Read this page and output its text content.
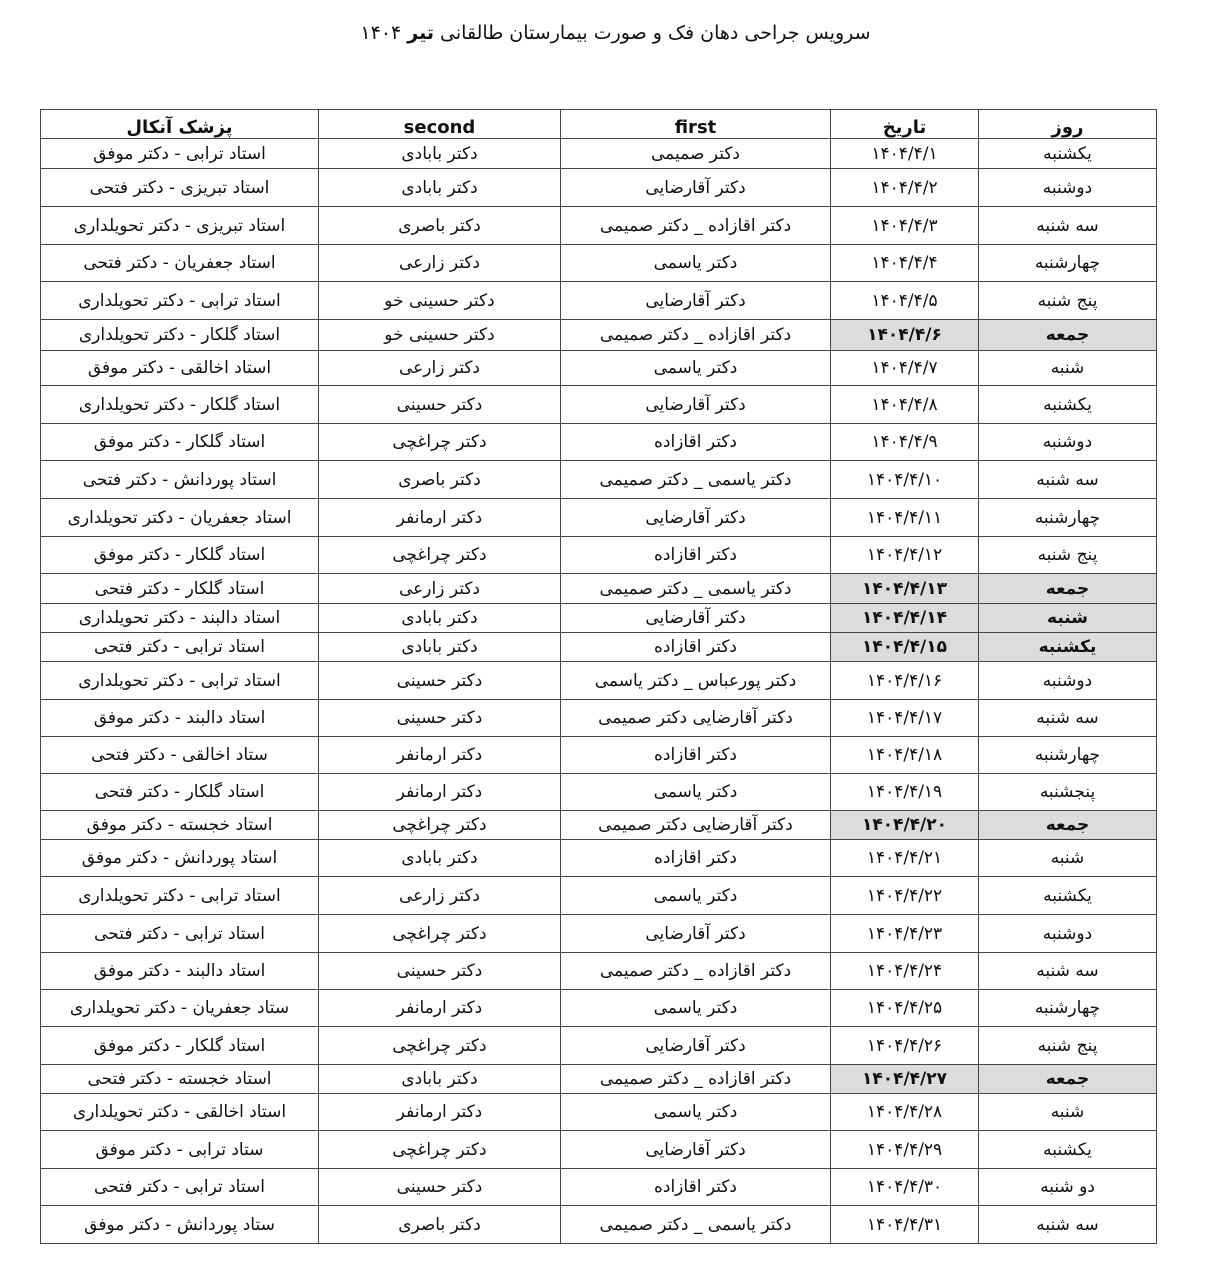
سرویس جراحی دهان فک و صورت بیمارستان طالقانی تیر ۱۴۰۴
پزشک آنکال	second	first	تاریخ	روز
استاد ترابی - دکتر موفق	دکتر بابادی	دکتر صمیمی	۱۴۰۴/۴/۱	یکشنبه
استاد تبریزی - دکتر فتحی	دکتر بابادی	دکتر آقارضایی	۱۴۰۴/۴/۲	دوشنبه
استاد تبریزی - دکتر تحویلداری	دکتر باصری	دکتر اقازاده _ دکتر صمیمی	۱۴۰۴/۴/۳	سه شنبه
استاد جعفریان - دکتر فتحی	دکتر زارعی	دکتر یاسمی	۱۴۰۴/۴/۴	چهارشنبه
استاد ترابی - دکتر تحویلداری	دکتر حسینی خو	دکتر آقارضایی	۱۴۰۴/۴/۵	پنج شنبه
استاد گلکار - دکتر تحویلداری	دکتر حسینی خو	دکتر اقازاده _ دکتر صمیمی	۱۴۰۴/۴/۶	جمعه
استاد اخالقی - دکتر موفق	دکتر زارعی	دکتر یاسمی	۱۴۰۴/۴/۷	شنبه
استاد گلکار - دکتر تحویلداری	دکتر حسینی	دکتر آقارضایی	۱۴۰۴/۴/۸	یکشنبه
استاد گلکار - دکتر موفق	دکتر چراغچی	دکتر اقازاده	۱۴۰۴/۴/۹	دوشنبه
استاد پوردانش - دکتر فتحی	دکتر باصری	دکتر یاسمی _ دکتر صمیمی	۱۴۰۴/۴/۱۰	سه شنبه
استاد جعفریان - دکتر تحویلداری	دکتر ارمانفر	دکتر آقارضایی	۱۴۰۴/۴/۱۱	چهارشنبه
استاد گلکار - دکتر موفق	دکتر چراغچی	دکتر اقازاده	۱۴۰۴/۴/۱۲	پنج شنبه
استاد گلکار - دکتر فتحی	دکتر زارعی	دکتر یاسمی _ دکتر صمیمی	۱۴۰۴/۴/۱۳	جمعه
استاد دالبند - دکتر تحویلداری	دکتر بابادی	دکتر آقارضایی	۱۴۰۴/۴/۱۴	شنبه
استاد ترابی - دکتر فتحی	دکتر بابادی	دکتر اقازاده	۱۴۰۴/۴/۱۵	یکشنبه
استاد ترابی - دکتر تحویلداری	دکتر حسینی	دکتر پورعباس _ دکتر یاسمی	۱۴۰۴/۴/۱۶	دوشنبه
استاد دالبند - دکتر موفق	دکتر حسینی	دکتر آقارضایی دکتر صمیمی	۱۴۰۴/۴/۱۷	سه شنبه
ستاد اخالقی - دکتر فتحی	دکتر ارمانفر	دکتر اقازاده	۱۴۰۴/۴/۱۸	چهارشنبه
استاد گلکار - دکتر فتحی	دکتر ارمانفر	دکتر یاسمی	۱۴۰۴/۴/۱۹	پنجشنبه
استاد خجسته - دکتر موفق	دکتر چراغچی	دکتر آقارضایی دکتر صمیمی	۱۴۰۴/۴/۲۰	جمعه
استاد پوردانش - دکتر موفق	دکتر بابادی	دکتر اقازاده	۱۴۰۴/۴/۲۱	شنبه
استاد ترابی - دکتر تحویلداری	دکتر زارعی	دکتر یاسمی	۱۴۰۴/۴/۲۲	یکشنبه
استاد ترابی - دکتر فتحی	دکتر چراغچی	دکتر آقارضایی	۱۴۰۴/۴/۲۳	دوشنبه
استاد دالبند - دکتر موفق	دکتر حسینی	دکتر اقازاده _ دکتر صمیمی	۱۴۰۴/۴/۲۴	سه شنبه
ستاد جعفریان - دکتر تحویلداری	دکتر ارمانفر	دکتر یاسمی	۱۴۰۴/۴/۲۵	چهارشنبه
استاد گلکار - دکتر موفق	دکتر چراغچی	دکتر آقارضایی	۱۴۰۴/۴/۲۶	پنج شنبه
استاد خجسته - دکتر فتحی	دکتر بابادی	دکتر اقازاده _ دکتر صمیمی	۱۴۰۴/۴/۲۷	جمعه
استاد اخالقی - دکتر تحویلداری	دکتر ارمانفر	دکتر یاسمی	۱۴۰۴/۴/۲۸	شنبه
ستاد ترابی - دکتر موفق	دکتر چراغچی	دکتر آقارضایی	۱۴۰۴/۴/۲۹	یکشنبه
استاد ترابی - دکتر فتحی	دکتر حسینی	دکتر اقازاده	۱۴۰۴/۴/۳۰	دو شنبه
ستاد پوردانش - دکتر موفق	دکتر باصری	دکتر یاسمی _ دکتر صمیمی	۱۴۰۴/۴/۳۱	سه شنبه
